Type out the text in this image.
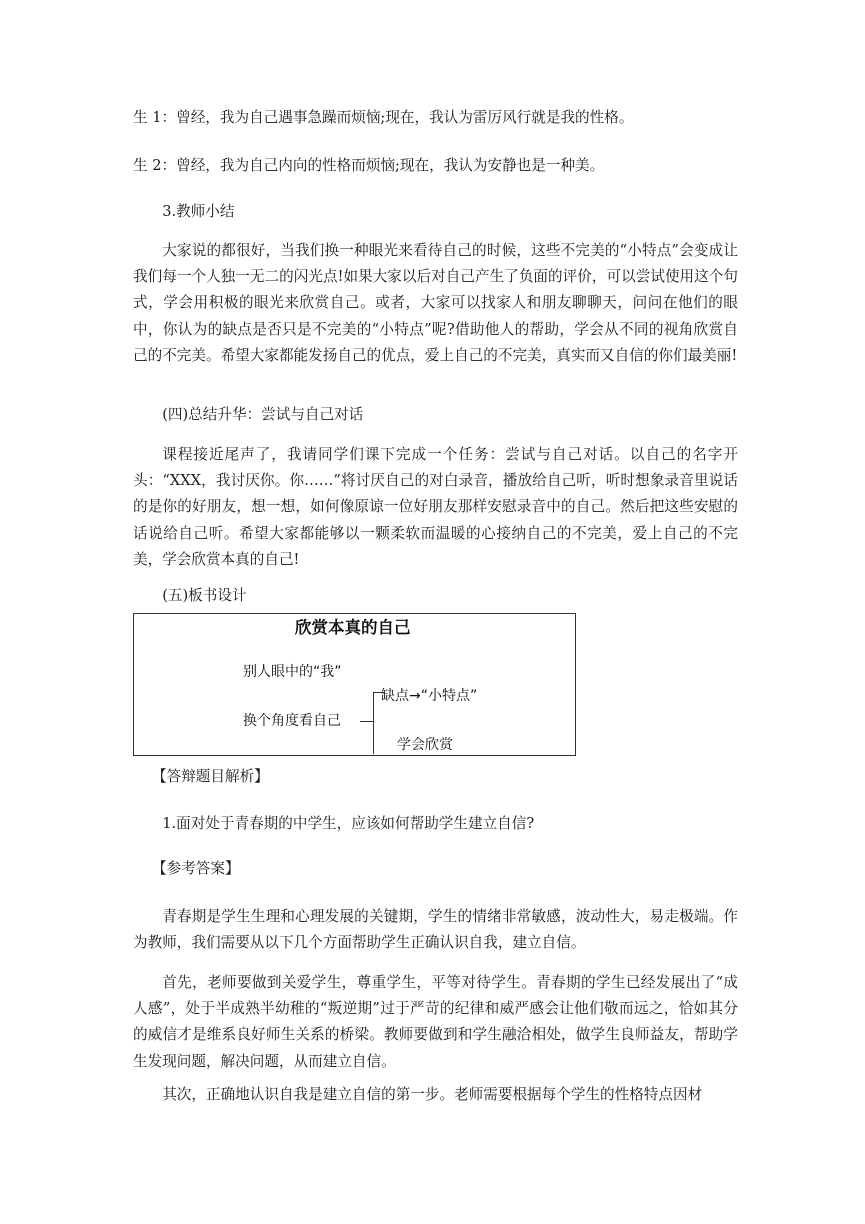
生 1：曾经，我为自己遇事急躁而烦恼;现在，我认为雷厉风行就是我的性格。

生 2：曾经，我为自己内向的性格而烦恼;现在，我认为安静也是一种美。

3.教师小结

大家说的都很好，当我们换一种眼光来看待自己的时候，这些不完美的“小特点”会变成让我们每一个人独一无二的闪光点!如果大家以后对自己产生了负面的评价，可以尝试使用这个句式，学会用积极的眼光来欣赏自己。或者，大家可以找家人和朋友聊聊天，问问在他们的眼中，你认为的缺点是否只是不完美的“小特点”呢?借助他人的帮助，学会从不同的视角欣赏自己的不完美。希望大家都能发扬自己的优点，爱上自己的不完美，真实而又自信的你们最美丽!

(四)总结升华：尝试与自己对话

课程接近尾声了，我请同学们课下完成一个任务：尝试与自己对话。以自己的名字开头：“XXX，我讨厌你。你……”将讨厌自己的对白录音，播放给自己听，听时想象录音里说话的是你的好朋友，想一想，如何像原谅一位好朋友那样安慰录音中的自己。然后把这些安慰的话说给自己听。希望大家都能够以一颗柔软而温暖的心接纳自己的不完美，爱上自己的不完美，学会欣赏本真的自己!

(五)板书设计

欣赏本真的自己
别人眼中的“我”
缺点→“小特点”
换个角度看自己
学会欣赏

【答辩题目解析】

1.面对处于青春期的中学生，应该如何帮助学生建立自信?

【参考答案】

青春期是学生生理和心理发展的关键期，学生的情绪非常敏感，波动性大，易走极端。作为教师，我们需要从以下几个方面帮助学生正确认识自我，建立自信。

首先，老师要做到关爱学生，尊重学生，平等对待学生。青春期的学生已经发展出了“成人感”，处于半成熟半幼稚的“叛逆期”过于严苛的纪律和威严感会让他们敬而远之，恰如其分的威信才是维系良好师生关系的桥梁。教师要做到和学生融洽相处，做学生良师益友，帮助学生发现问题，解决问题，从而建立自信。

其次，正确地认识自我是建立自信的第一步。老师需要根据每个学生的性格特点因材
